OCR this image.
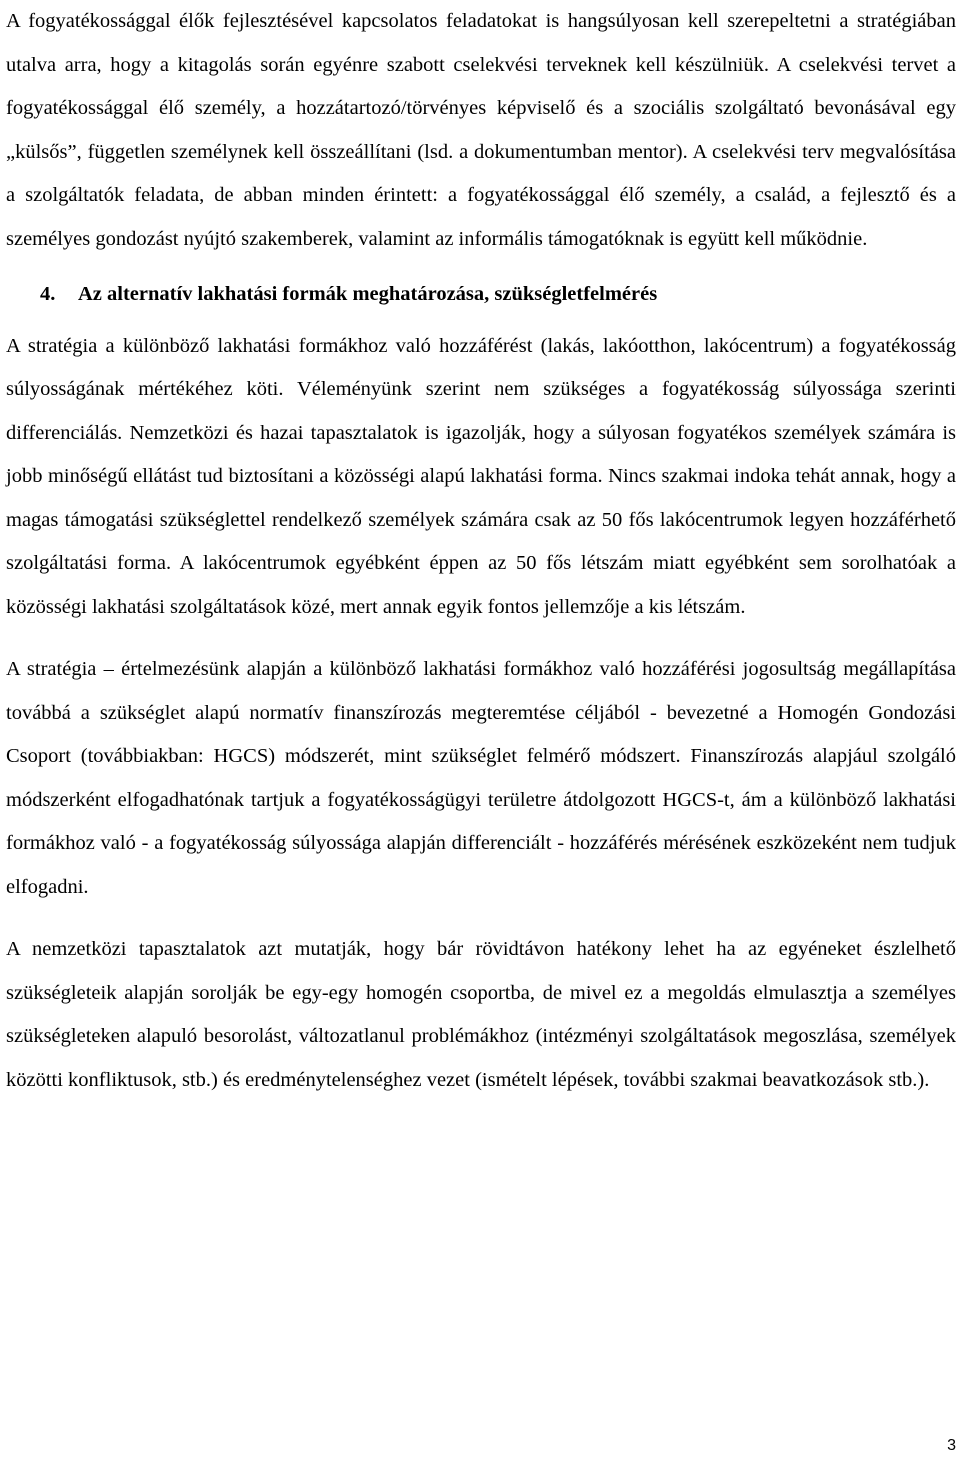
A fogyatékossággal élők fejlesztésével kapcsolatos feladatokat is hangsúlyosan kell szerepeltetni a stratégiában utalva arra, hogy a kitagolás során egyénre szabott cselekvési terveknek kell készülniük. A cselekvési tervet a fogyatékossággal élő személy, a hozzátartozó/törvényes képviselő és a szociális szolgáltató bevonásával egy „külsős”, független személynek kell összeállítani (lsd. a dokumentumban mentor). A cselekvési terv megvalósítása a szolgáltatók feladata, de abban minden érintett: a fogyatékossággal élő személy, a család, a fejlesztő és a személyes gondozást nyújtó szakemberek, valamint az informális támogatóknak is együtt kell működnie.

4.	Az alternatív lakhatási formák meghatározása, szükségletfelmérés

A stratégia a különböző lakhatási formákhoz való hozzáférést (lakás, lakóotthon, lakócentrum) a fogyatékosság súlyosságának mértékéhez köti. Véleményünk szerint nem szükséges a fogyatékosság súlyossága szerinti differenciálás. Nemzetközi és hazai tapasztalatok is igazolják, hogy a súlyosan fogyatékos személyek számára is jobb minőségű ellátást tud biztosítani a közösségi alapú lakhatási forma. Nincs szakmai indoka tehát annak, hogy a magas támogatási szükséglettel rendelkező személyek számára csak az 50 fős lakócentrumok legyen hozzáférhető szolgáltatási forma. A lakócentrumok egyébként éppen az 50 fős létszám miatt egyébként sem sorolhatóak a közösségi lakhatási szolgáltatások közé, mert annak egyik fontos jellemzője a kis létszám.

A stratégia – értelmezésünk alapján a különböző lakhatási formákhoz való hozzáférési jogosultság megállapítása továbbá a szükséglet alapú normatív finanszírozás megteremtése céljából - bevezetné a Homogén Gondozási Csoport (továbbiakban: HGCS) módszerét, mint szükséglet felmérő módszert. Finanszírozás alapjául szolgáló módszerként elfogadhatónak tartjuk a fogyatékosságügyi területre átdolgozott HGCS-t, ám a különböző lakhatási formákhoz való - a fogyatékosság súlyossága alapján differenciált - hozzáférés mérésének eszközeként nem tudjuk elfogadni.

A nemzetközi tapasztalatok azt mutatják, hogy bár rövidtávon hatékony lehet ha az egyéneket észlelhető szükségleteik alapján sorolják be egy-egy homogén csoportba, de mivel ez a megoldás elmulasztja a személyes szükségleteken alapuló besorolást, változatlanul problémákhoz (intézményi szolgáltatások megoszlása, személyek közötti konfliktusok, stb.) és eredménytelenséghez vezet (ismételt lépések, további szakmai beavatkozások stb.).

3
